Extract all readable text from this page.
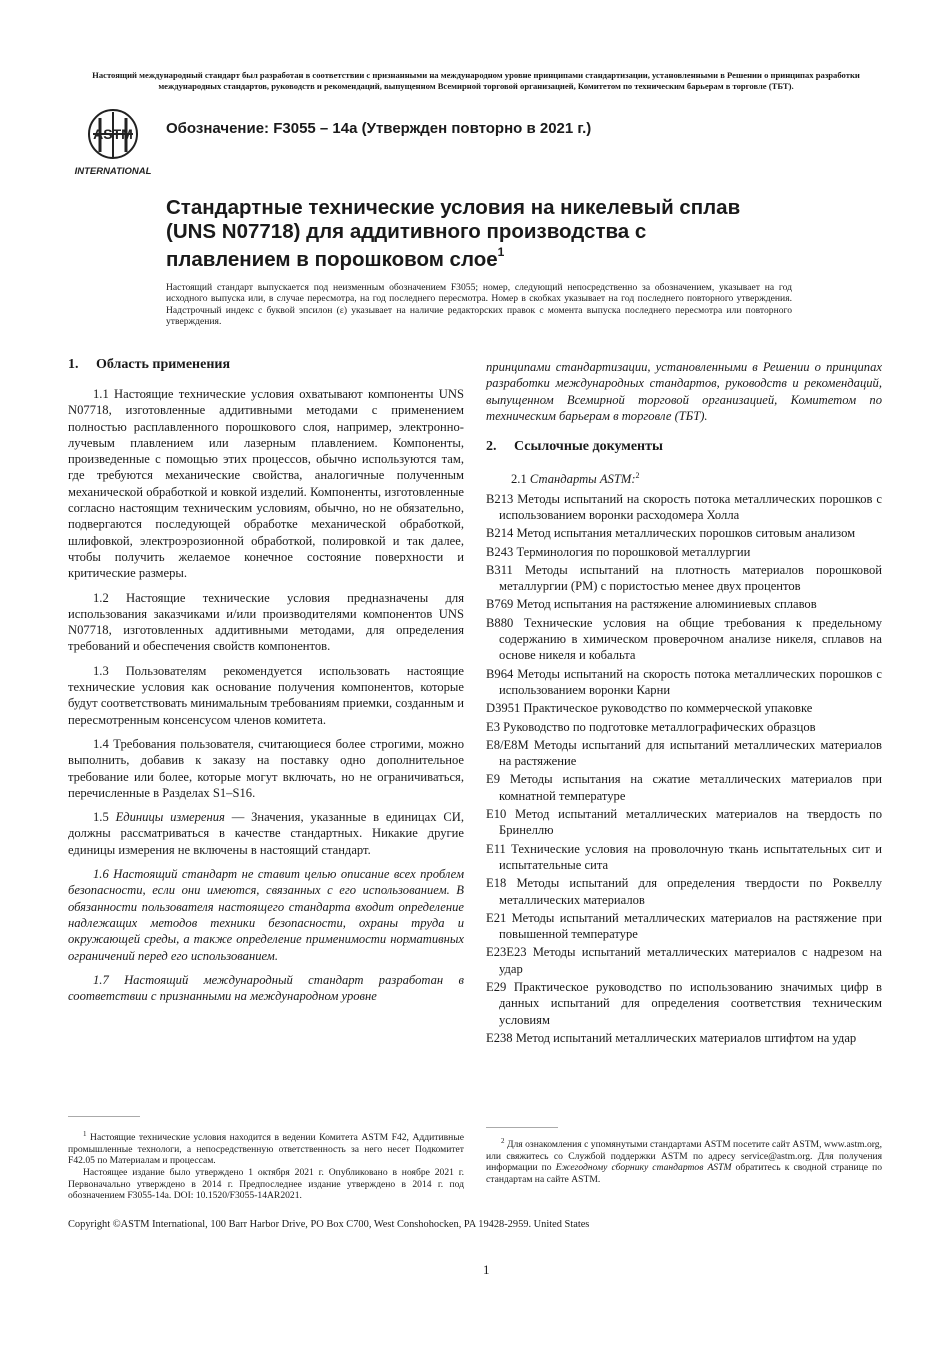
Настоящий международный стандарт был разработан в соответствии с признанными на международном уровне принципами стандартизации, установленными в Решении о принципах разработки международных стандартов, руководств и рекомендаций, выпущенном Всемирной торговой организацией, Комитетом по техническим барьерам в торговле (ТБТ).
ASTM
INTERNATIONAL
Обозначение: F3055 – 14a (Утвержден повторно в 2021 г.)
Стандартные технические условия на никелевый сплав (UNS N07718) для аддитивного производства с плавлением в порошковом слое$^1$
Настоящий стандарт выпускается под неизменным обозначением F3055; номер, следующий непосредственно за обозначением, указывает на год исходного выпуска или, в случае пересмотра, на год последнего пересмотра. Номер в скобках указывает на год последнего повторного утверждения. Надстрочный индекс с буквой эпсилон (ε) указывает на наличие редакторских правок с момента выпуска последнего пересмотра или повторного утверждения.
1. Область применения

1.1 Настоящие технические условия охватывают компоненты UNS N07718, изготовленные аддитивными методами с применением полностью расплавленного порошкового слоя, например, электронно-лучевым плавлением или лазерным плавлением. Компоненты, произведенные с помощью этих процессов, обычно используются там, где требуются механические свойства, аналогичные полученным механической обработкой и ковкой изделий. Компоненты, изготовленные согласно настоящим техническим условиям, обычно, но не обязательно, подвергаются последующей обработке механической обработкой, шлифовкой, электроэрозионной обработкой, полировкой и так далее, чтобы получить желаемое конечное состояние поверхности и критические размеры.

1.2 Настоящие технические условия предназначены для использования заказчиками и/или производителями компонентов UNS N07718, изготовленных аддитивными методами, для определения требований и обеспечения свойств компонентов.

1.3 Пользователям рекомендуется использовать настоящие технические условия как основание получения компонентов, которые будут соответствовать минимальным требованиям приемки, созданным и пересмотренным консенсусом членов комитета.

1.4 Требования пользователя, считающиеся более строгими, можно выполнить, добавив к заказу на поставку одно дополнительное требование или более, которые могут включать, но не ограничиваться, перечисленные в Разделах S1–S16.

1.5 Единицы измерения — Значения, указанные в единицах СИ, должны рассматриваться в качестве стандартных. Никакие другие единицы измерения не включены в настоящий стандарт.

1.6 Настоящий стандарт не ставит целью описание всех проблем безопасности, если они имеются, связанных с его использованием. В обязанности пользователя настоящего стандарта входит определение надлежащих методов техники безопасности, охраны труда и окружающей среды, а также определение применимости нормативных ограничений перед его использованием.

1.7 Настоящий международный стандарт разработан в соответствии с признанными на международном уровне

принципами стандартизации, установленными в Решении о принципах разработки международных стандартов, руководств и рекомендаций, выпущенном Всемирной торговой организацией, Комитетом по техническим барьерам в торговле (ТБТ).

2. Ссылочные документы
2.1 Стандарты ASTM:$^2$
B213 Методы испытаний на скорость потока металлических порошков с использованием воронки расходомера Холла
B214 Метод испытания металлических порошков ситовым анализом
B243 Терминология по порошковой металлургии
B311 Методы испытаний на плотность материалов порошковой металлургии (PM) с пористостью менее двух процентов
B769 Метод испытания на растяжение алюминиевых сплавов
B880 Технические условия на общие требования к предельному содержанию в химическом проверочном анализе никеля, сплавов на основе никеля и кобальта
B964 Методы испытаний на скорость потока металлических порошков с использованием воронки Карни
D3951 Практическое руководство по коммерческой упаковке
E3 Руководство по подготовке металлографических образцов
E8/E8M Методы испытаний для испытаний металлических материалов на растяжение
E9 Методы испытания на сжатие металлических материалов при комнатной температуре
E10 Метод испытаний металлических материалов на твердость по Бринеллю
E11 Технические условия на проволочную ткань испытательных сит и испытательные сита
E18 Методы испытаний для определения твердости по Роквеллу металлических материалов
E21 Методы испытаний металлических материалов на растяжение при повышенной температуре
E23E23 Методы испытаний металлических материалов с надрезом на удар
E29 Практическое руководство по использованию значимых цифр в данных испытаний для определения соответствия техническим условиям
E238 Метод испытаний металлических материалов штифтом на удар

$^1$ Настоящие технические условия находится в ведении Комитета ASTM F42, Аддитивные промышленные технологи, а непосредственную ответственность за него несет Подкомитет F42.05 по Материалам и процессам.

Настоящее издание было утверждено 1 октября 2021 г. Опубликовано в ноябре 2021 г. Первоначально утверждено в 2014 г. Предпоследнее издание утверждено в 2014 г. под обозначением F3055-14a. DOI: 10.1520/F3055-14AR2021.

$^2$ Для ознакомления с упомянутыми стандартами ASTM посетите сайт ASTM, www.astm.org, или свяжитесь со Службой поддержки ASTM по адресу service@astm.org. Для получения информации по Ежегодному сборнику стандартов ASTM обратитесь к сводной странице по стандартам на сайте ASTM.

Copyright ©ASTM International, 100 Barr Harbor Drive, PO Box C700, West Conshohocken, PA 19428-2959. United States
1
